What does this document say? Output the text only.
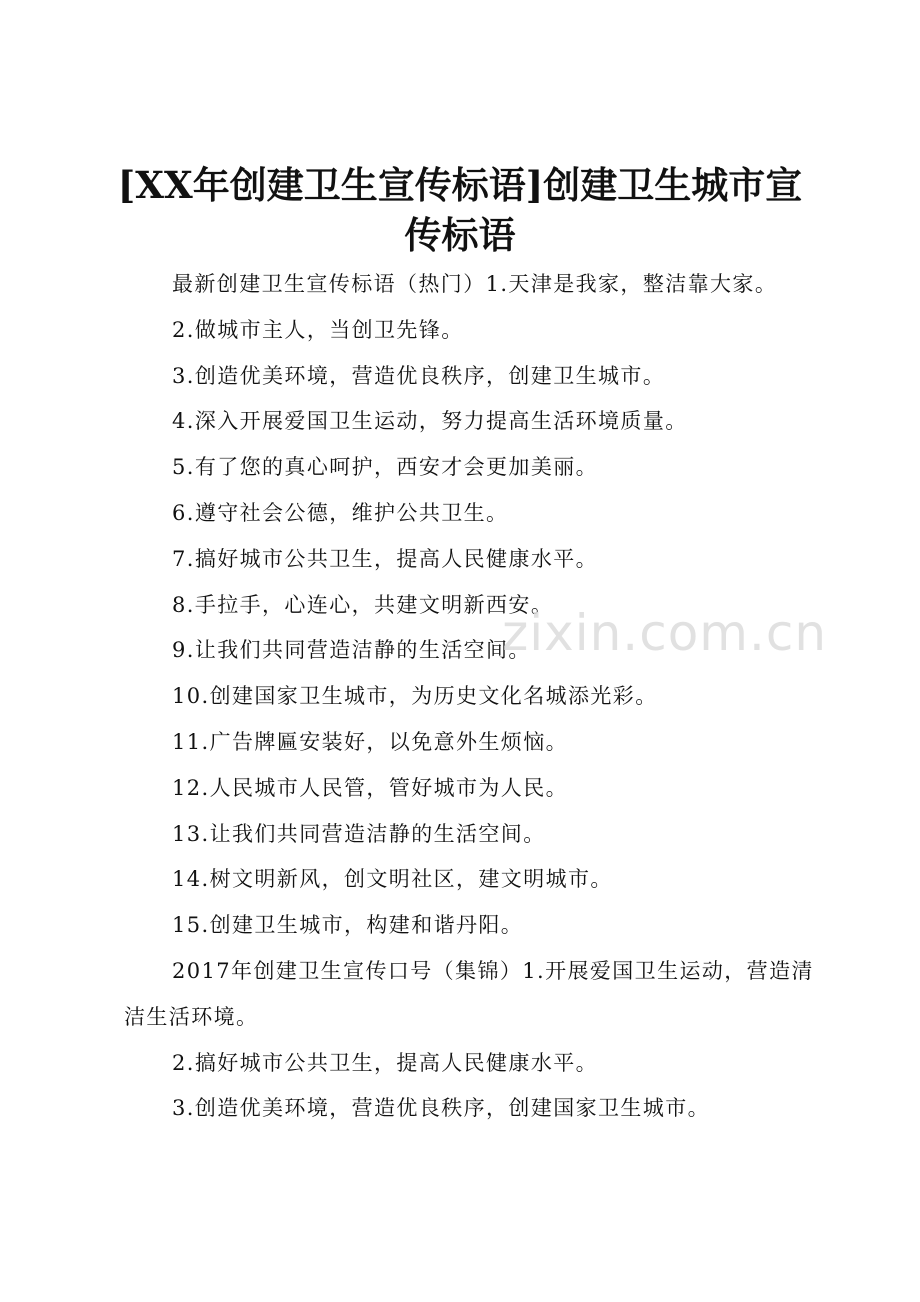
[XX年创建卫生宣传标语]创建卫生城市宣传标语

最新创建卫生宣传标语（热门）1.天津是我家，整洁靠大家。

2.做城市主人，当创卫先锋。

3.创造优美环境，营造优良秩序，创建卫生城市。

4.深入开展爱国卫生运动，努力提高生活环境质量。

5.有了您的真心呵护，西安才会更加美丽。

6.遵守社会公德，维护公共卫生。

7.搞好城市公共卫生，提高人民健康水平。

8.手拉手，心连心，共建文明新西安。

9.让我们共同营造洁静的生活空间。

10.创建国家卫生城市，为历史文化名城添光彩。

11.广告牌匾安装好，以免意外生烦恼。

12.人民城市人民管，管好城市为人民。

13.让我们共同营造洁静的生活空间。

14.树文明新风，创文明社区，建文明城市。

15.创建卫生城市，构建和谐丹阳。

2017年创建卫生宣传口号（集锦）1.开展爱国卫生运动，营造清洁生活环境。

2.搞好城市公共卫生，提高人民健康水平。

3.创造优美环境，营造优良秩序，创建国家卫生城市。

zixin.com.cn
